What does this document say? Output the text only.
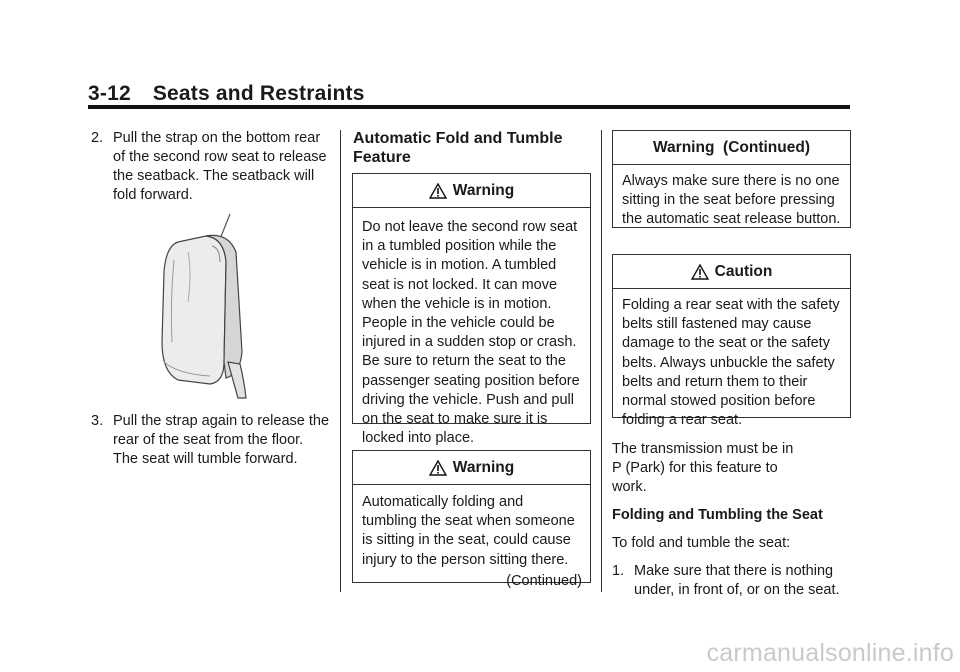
3-12 Seats and Restraints
2. Pull the strap on the bottom rear of the second row seat to release the seatback. The seatback will fold forward.
3. Pull the strap again to release the rear of the seat from the floor. The seat will tumble forward.
Automatic Fold and Tumble Feature
Warning
Do not leave the second row seat in a tumbled position while the vehicle is in motion. A tumbled seat is not locked. It can move when the vehicle is in motion. People in the vehicle could be injured in a sudden stop or crash. Be sure to return the seat to the passenger seating position before driving the vehicle. Push and pull on the seat to make sure it is locked into place.
Warning
Automatically folding and tumbling the seat when someone is sitting in the seat, could cause injury to the person sitting there.
(Continued)
Warning  (Continued)
Always make sure there is no one sitting in the seat before pressing the automatic seat release button.
Caution
Folding a rear seat with the safety belts still fastened may cause damage to the seat or the safety belts. Always unbuckle the safety belts and return them to their normal stowed position before folding a rear seat.

The transmission must be in P (Park) for this feature to work.

Folding and Tumbling the Seat

To fold and tumble the seat:

1. Make sure that there is nothing under, in front of, or on the seat.
carmanualsonline.info
